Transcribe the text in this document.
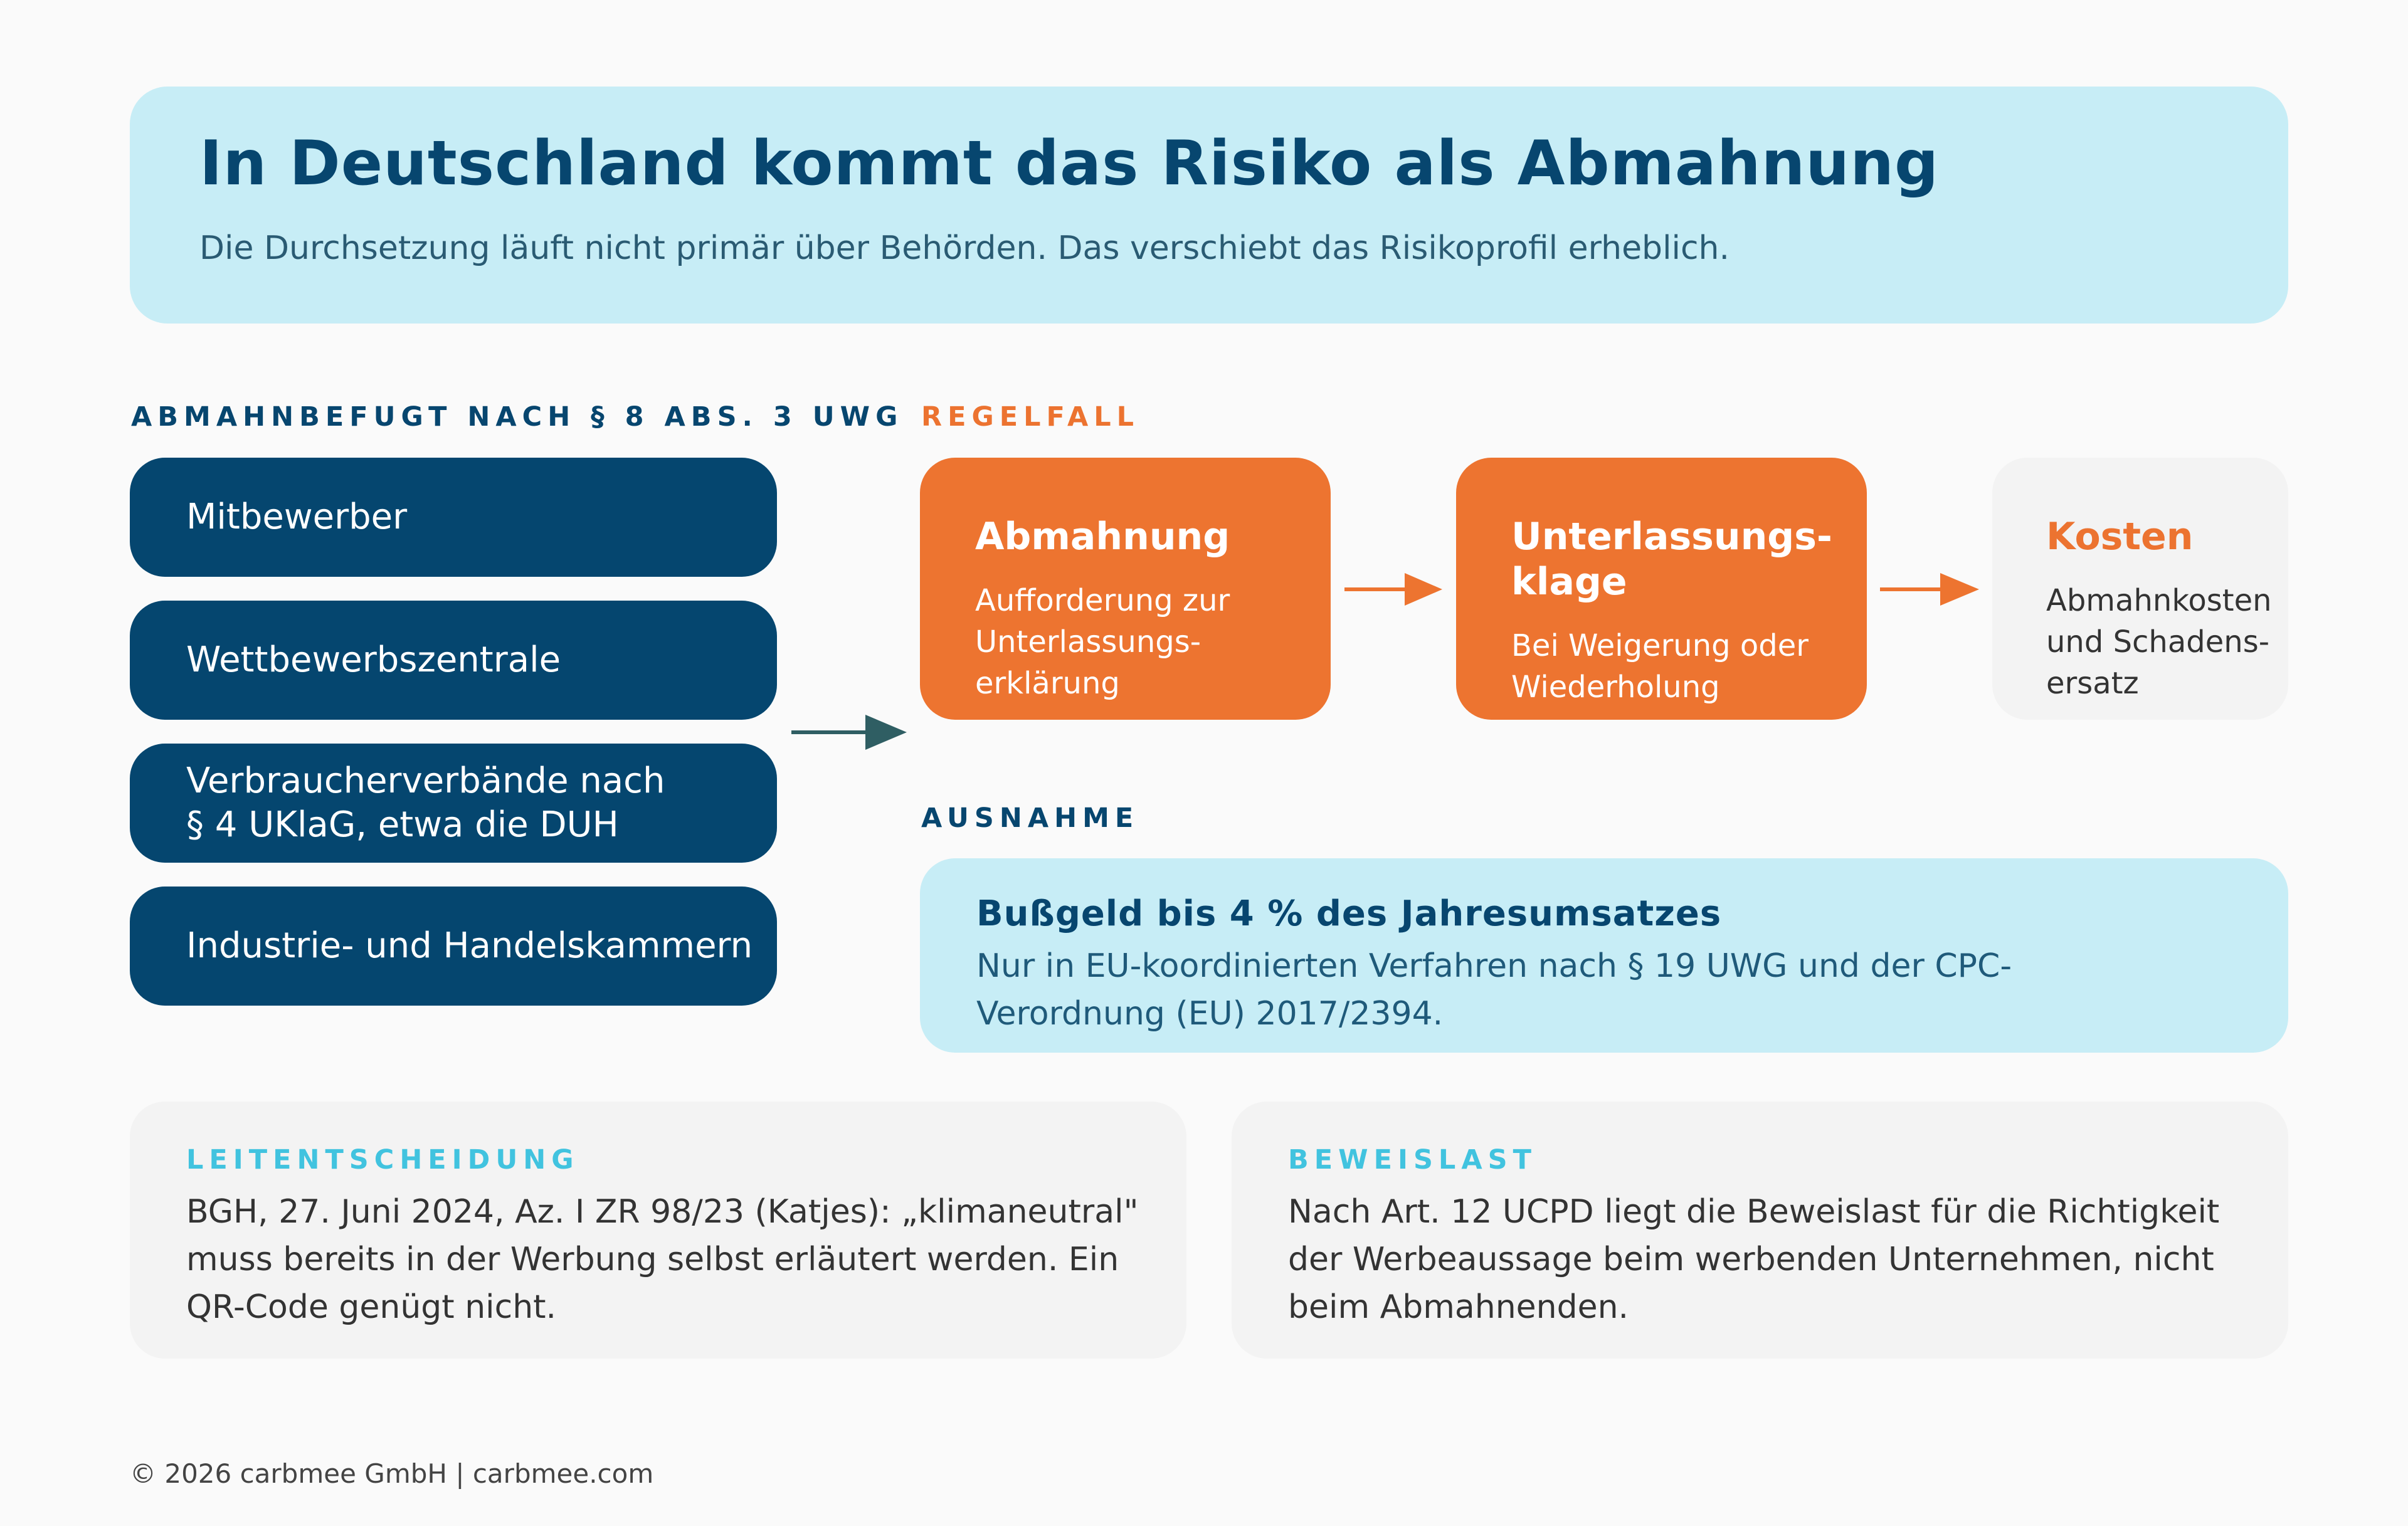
In Deutschland kommt das Risiko als Abmahnung

Die Durchsetzung läuft nicht primär über Behörden. Das verschiebt das Risikoprofil erheblich.

ABMAHNBEFUGT NACH § 8 ABS. 3 UWG
Mitbewerber
Wettbewerbszentrale
Verbraucherverbände nach
§ 4 UKlaG, etwa die DUH
Industrie- und Handelskammern
REGELFALL
Abmahnung
Aufforderung zur
Unterlassungs-
erklärung
Unterlassungs-
klage
Bei Weigerung oder
Wiederholung
Kosten
Abmahnkosten
und Schadens-
ersatz
AUSNAHME
Bußgeld bis 4 % des Jahresumsatzes

Nur in EU-koordinierten Verfahren nach § 19 UWG und der CPC-Verordnung (EU) 2017/2394.

LEITENTSCHEIDUNG

BGH, 27. Juni 2024, Az. I ZR 98/23 (Katjes): „klimaneutral" muss bereits in der Werbung selbst erläutert werden. Ein QR-Code genügt nicht.

BEWEISLAST

Nach Art. 12 UCPD liegt die Beweislast für die Richtigkeit der Werbeaussage beim werbenden Unternehmen, nicht beim Abmahnenden.

© 2026 carbmee GmbH | carbmee.com
